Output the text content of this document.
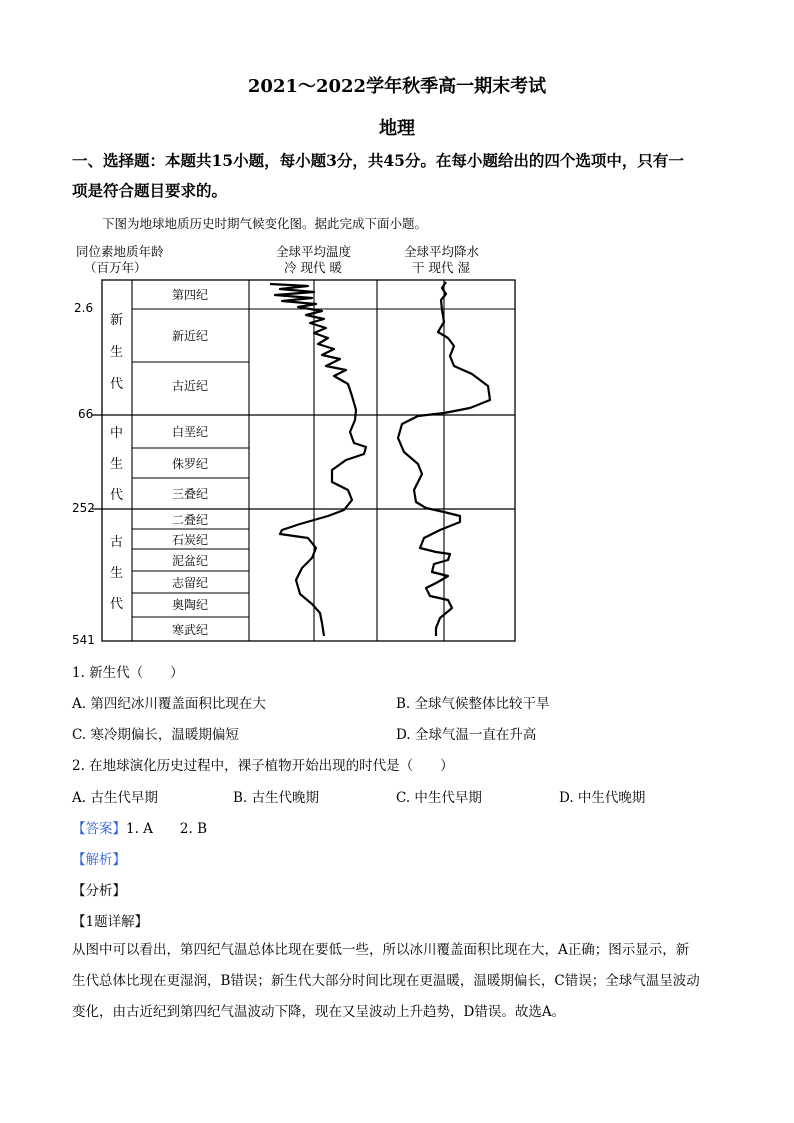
2021～2022学年秋季高一期末考试
地理
一、选择题：本题共15小题，每小题3分，共45分。在每小题给出的四个选项中，只有一
项是符合题目要求的。
下图为地球地质历史时期气候变化图。据此完成下面小题。
同位素地质年龄
（百万年）
全球平均温度
冷 现代 暖
全球平均降水
干 现代 湿
2.6
66
252
541
新
生
代
中
生
代
古
生
代
第四纪
新近纪
古近纪
白垩纪
侏罗纪
三叠纪
二叠纪
石炭纪
泥盆纪
志留纪
奥陶纪
寒武纪
1. 新生代（　　）
A. 第四纪冰川覆盖面积比现在大	B. 全球气候整体比较干旱
C. 寒冷期偏长，温暖期偏短	D. 全球气温一直在升高
2. 在地球演化历史过程中，裸子植物开始出现的时代是（　　）
A. 古生代早期	B. 古生代晚期	C. 中生代早期	D. 中生代晚期
【答案】1. A　　2. B
【解析】
【分析】
【1题详解】
从图中可以看出，第四纪气温总体比现在要低一些，所以冰川覆盖面积比现在大，A正确；图示显示，新
生代总体比现在更湿润，B错误；新生代大部分时间比现在更温暖，温暖期偏长，C错误；全球气温呈波动
变化，由古近纪到第四纪气温波动下降，现在又呈波动上升趋势，D错误。故选A。
